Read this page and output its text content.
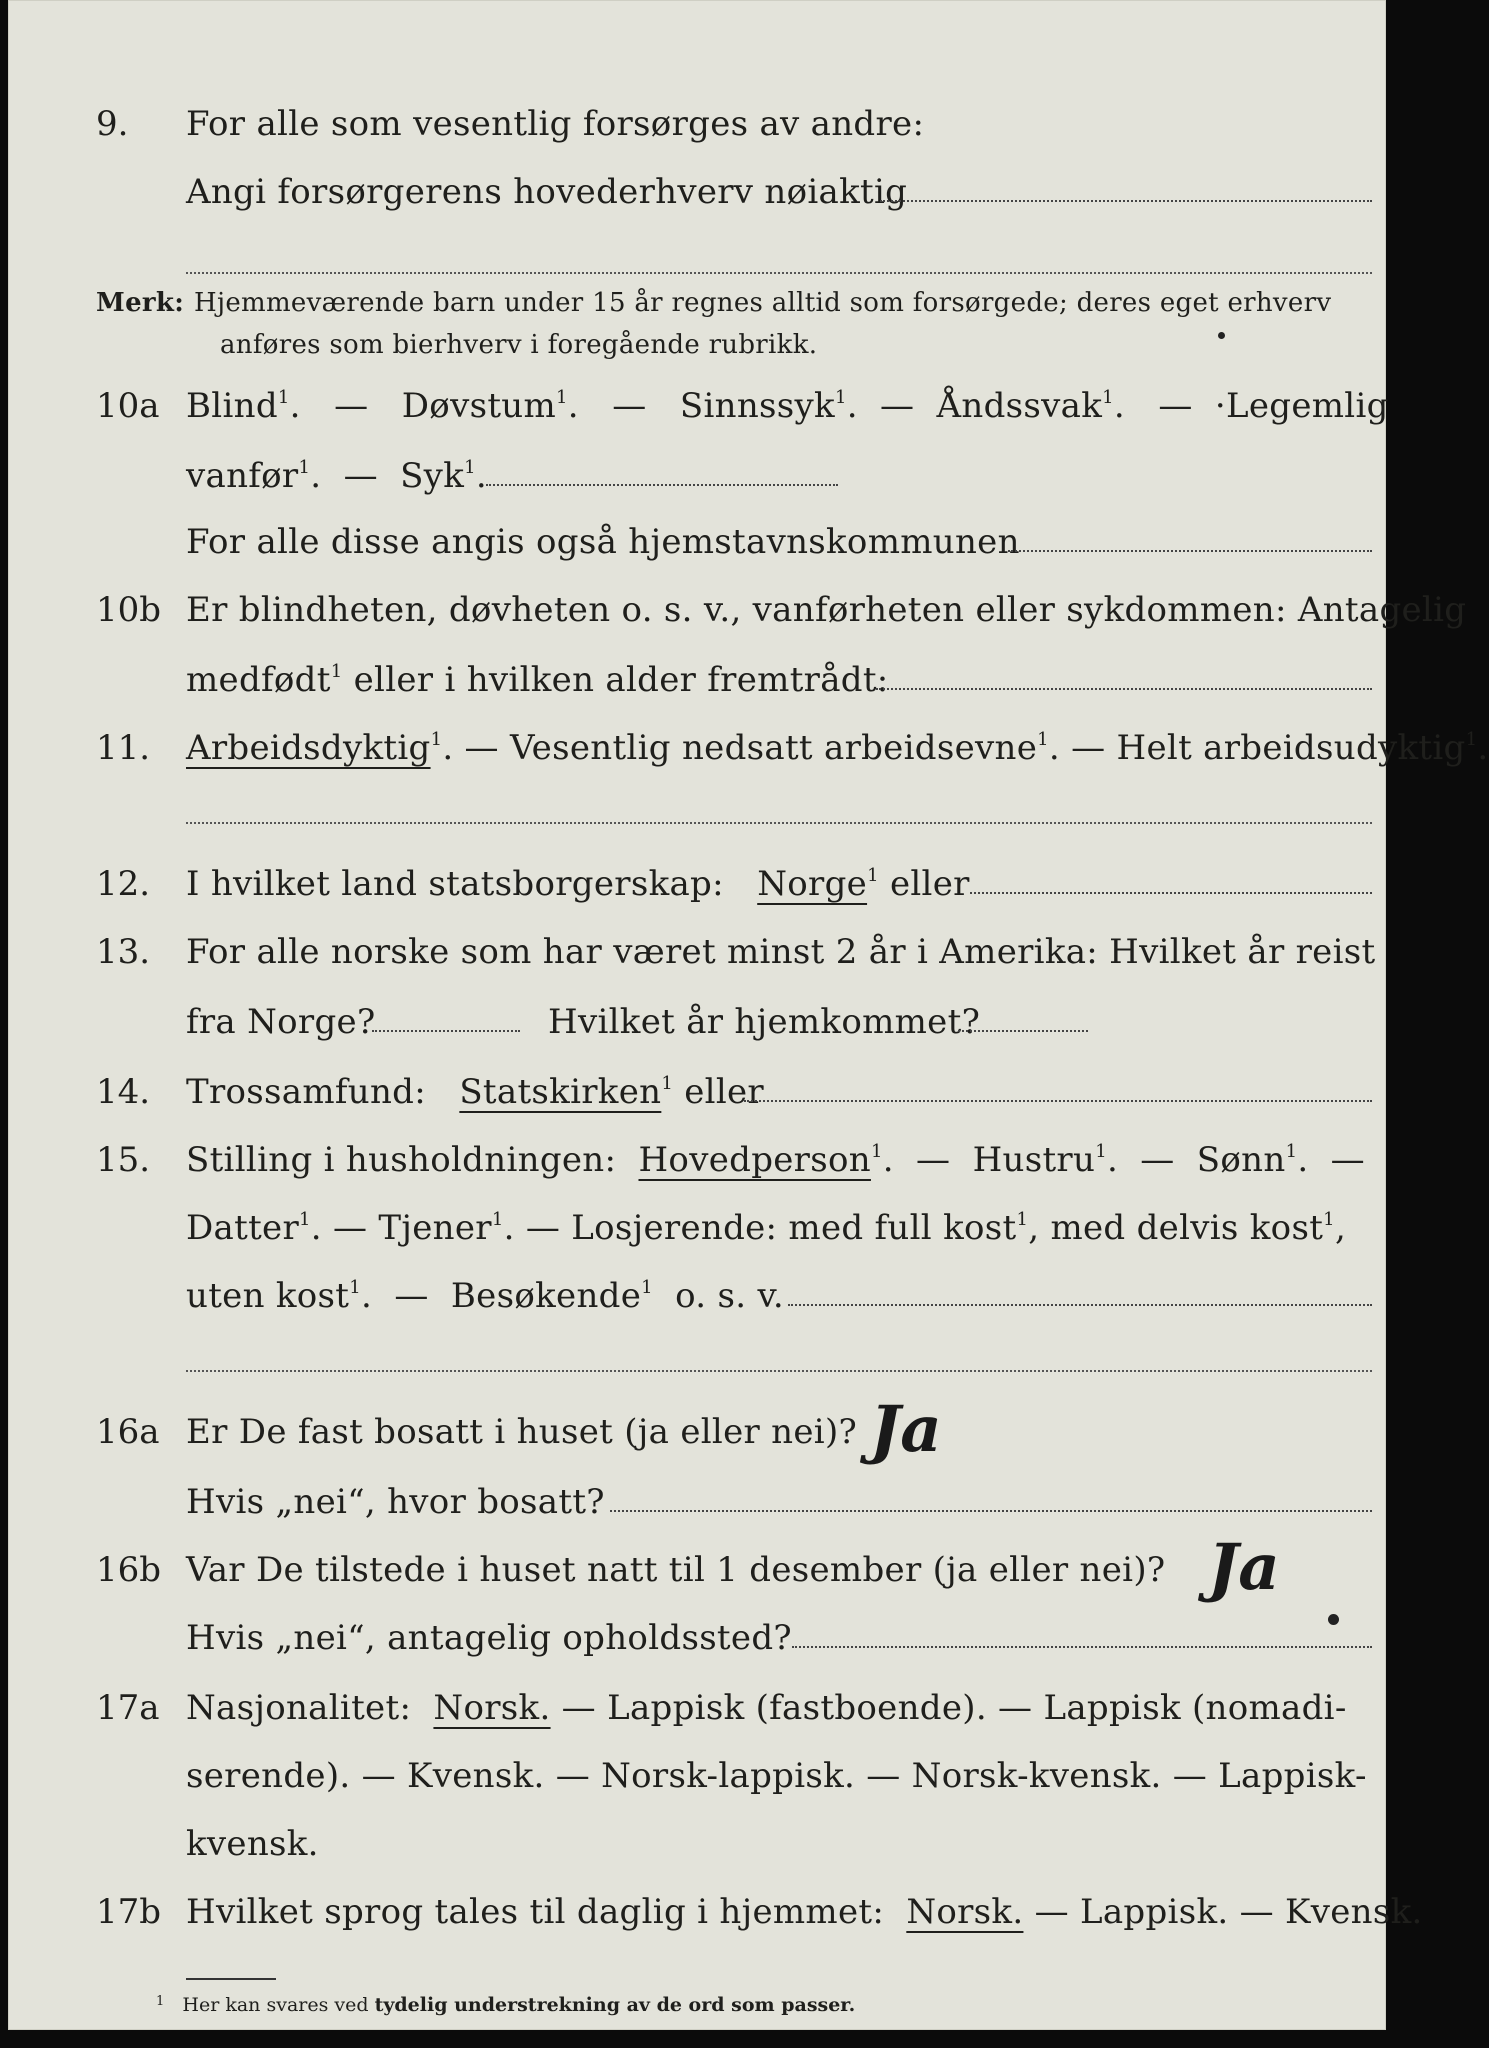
9.	For alle som vesentlig forsørges av andre:
Angi forsørgerens hovederhverv nøiaktig
Merk: Hjemmeværende barn under 15 år regnes alltid som forsørgede; deres eget erhverv
anføres som bierhverv i foregående rubrikk.
10a Blind$^1$.   —   Døvstum$^1$.   —   Sinnssyk$^1$.  —  Åndssvak$^1$.   —  ·Legemlig
vanfør$^1$.  —  Syk$^1$.
For alle disse angis også hjemstavnskommunen
10b Er blindheten, døvheten o. s. v., vanførheten eller sykdommen: Antagelig
medfødt$^1$ eller i hvilken alder fremtrådt:
11.	Arbeidsdyktig$^1$. — Vesentlig nedsatt arbeidsevne$^1$. — Helt arbeidsudyktig$^1$.
12.	I hvilket land statsborgerskap: Norge$^1$ eller
13.	For alle norske som har været minst 2 år i Amerika: Hvilket år reist
fra Norge?	Hvilket år hjemkommet?
14.	Trossamfund: Statskirken$^1$ eller
15.	Stilling i husholdningen: Hovedperson$^1$.  —  Hustru$^1$.  —  Sønn$^1$.  —
Datter$^1$. — Tjener$^1$. — Losjerende: med full kost$^1$, med delvis kost$^1$,
uten kost$^1$.  —  Besøkende$^1$ o. s. v.
16a Er De fast bosatt i huset (ja eller nei)? Ja
Hvis „nei“, hvor bosatt?
16b Var De tilstede i huset natt til 1 desember (ja eller nei)? Ja
Hvis „nei“, antagelig opholdssted?
17a Nasjonalitet: Norsk. — Lappisk (fastboende). — Lappisk (nomadi-
serende). — Kvensk. — Norsk-lappisk. — Norsk-kvensk. — Lappisk-
kvensk.
17b Hvilket sprog tales til daglig i hjemmet: Norsk. — Lappisk. — Kvensk.
$^1$ Her kan svares ved tydelig understrekning av de ord som passer.
